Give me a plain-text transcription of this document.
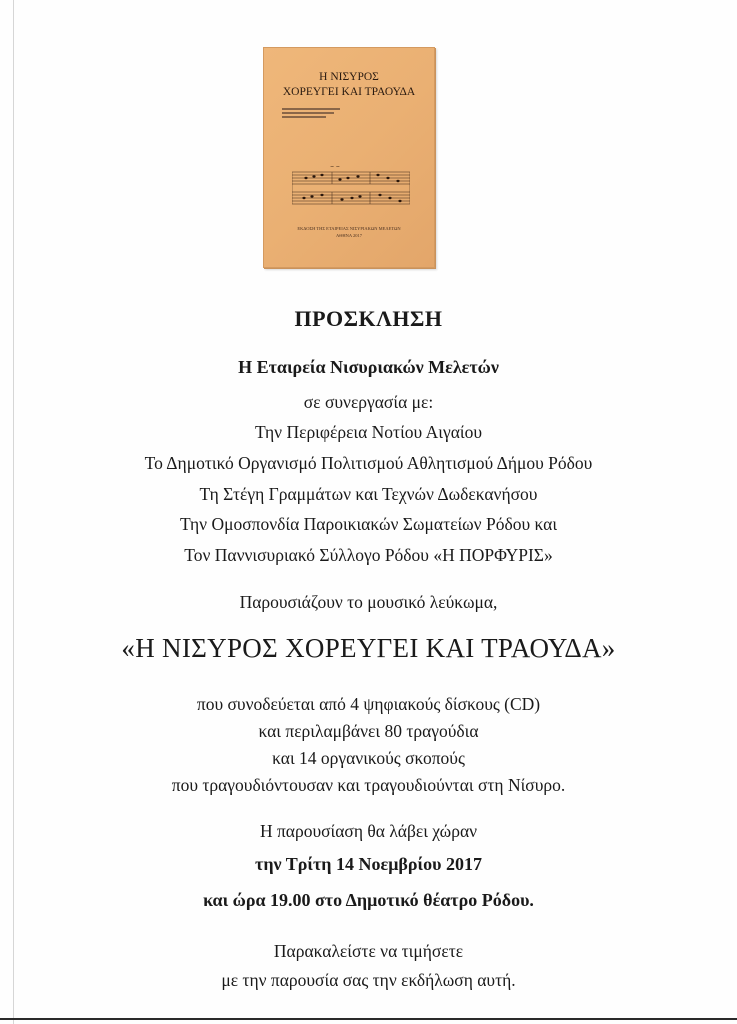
Η ΝΙΣΥΡΟΣ
ΧΟΡΕΥΓΕΙ ΚΑΙ ΤΡΑΟΥΔΑ
~ ~
ΕΚΔΟΣΗ ΤΗΣ ΕΤΑΙΡΕΙΑΣ ΝΙΣΥΡΙΑΚΩΝ ΜΕΛΕΤΩΝ
ΑΘΗΝΑ 2017
ΠΡΟΣΚΛΗΣΗ
Η Εταιρεία Νισυριακών Μελετών
σε συνεργασία με:
Την Περιφέρεια Νοτίου Αιγαίου
Το Δημοτικό Οργανισμό Πολιτισμού Αθλητισμού Δήμου Ρόδου
Τη Στέγη Γραμμάτων και Τεχνών Δωδεκανήσου
Την Ομοσπονδία Παροικιακών Σωματείων Ρόδου και
Τον Παννισυριακό Σύλλογο Ρόδου «Η ΠΟΡΦΥΡΙΣ»
Παρουσιάζουν το μουσικό λεύκωμα,
«Η ΝΙΣΥΡΟΣ ΧΟΡΕΥΓΕΙ ΚΑΙ ΤΡΑΟΥΔΑ»
που συνοδεύεται από 4 ψηφιακούς δίσκους (CD)
και περιλαμβάνει 80 τραγούδια
και 14 οργανικούς σκοπούς
που τραγουδιόντουσαν και τραγουδιούνται στη Νίσυρο.
Η παρουσίαση θα λάβει χώραν
την Τρίτη 14 Νοεμβρίου 2017
και ώρα 19.00 στο Δημοτικό θέατρο Ρόδου.
Παρακαλείστε να τιμήσετε
με την παρουσία σας την εκδήλωση αυτή.
